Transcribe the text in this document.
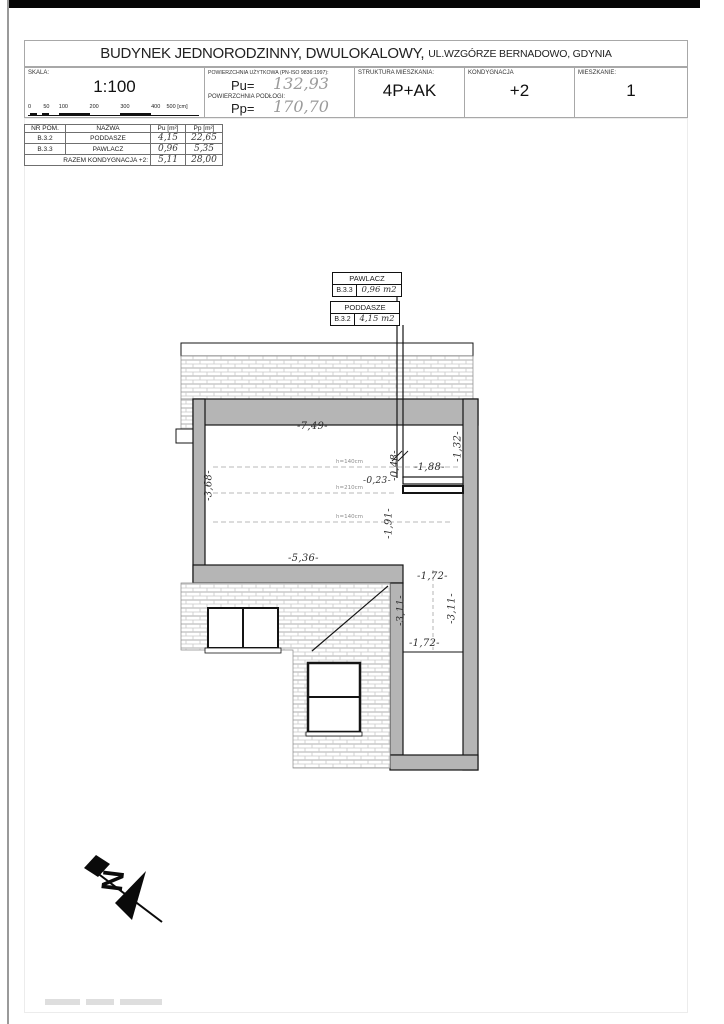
BUDYNEK JEDNORODZINNY, DWULOKALOWY, UL.WZGÓRZE BERNADOWO, GDYNIA
SKALA:
1:100
0 50 100	200	300	400 500 [cm]
POWIERZCHNIA UŻYTKOWA (PN-ISO 9836:1997):
Pu= 132,93
POWIERZCHNIA PODŁOGI:
Pp= 170,70
STRUKTURA MIESZKANIA:
4P+AK
KONDYGNACJA
+2
MIESZKANIE:
1
NR POM.	NAZWA	Pu [m²]	Pp [m²]
B.3.2	PODDASZE	4,15	22,65
B.3.3	PAWLACZ	0,96	5,35
RAZEM KONDYGNACJA +2:		5,11	28,00
N
PAWLACZ
B.3.3	0,96 m2
PODDASZE
B.3.2	4,15 m2
-7,49-
-3,68-
-5,36-
-1,88-
-1,32-
-0,48-
-0,23-
-1,91-
-1,72-
-3,11-	-3,11-
-1,72-
h=140cm
h=210cm
h=140cm
